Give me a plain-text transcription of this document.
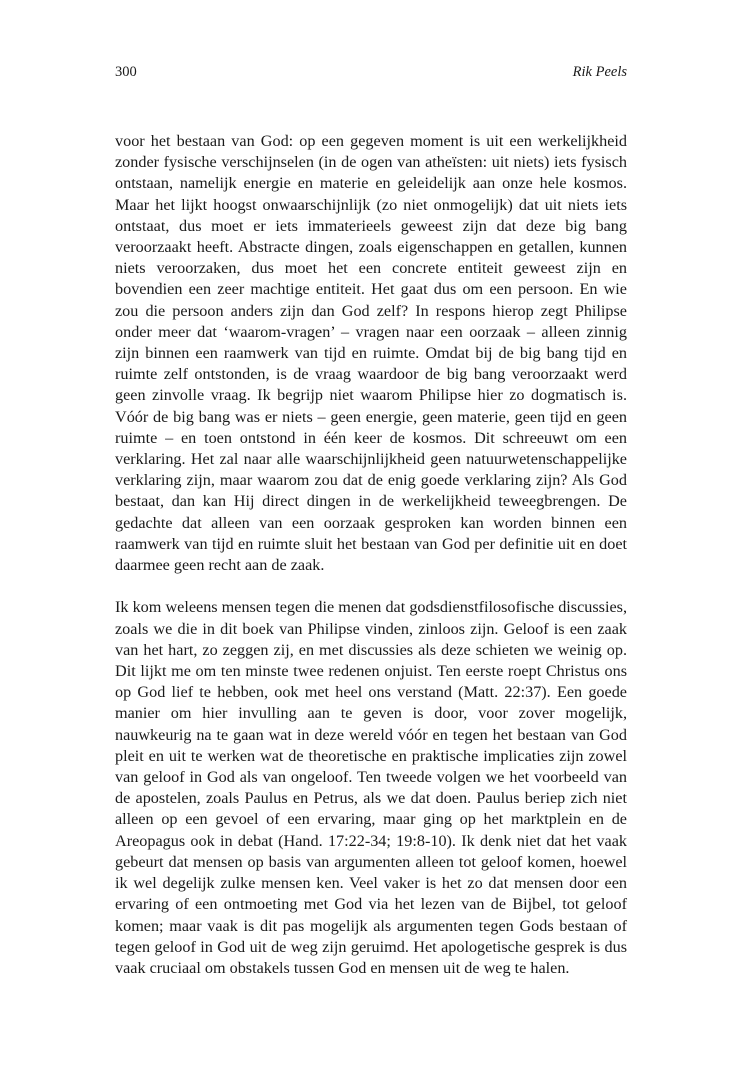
300	Rik Peels

voor het bestaan van God: op een gegeven moment is uit een werkelijkheid zonder fysische verschijnselen (in de ogen van atheïsten: uit niets) iets fysisch ontstaan, namelijk energie en materie en geleidelijk aan onze hele kosmos. Maar het lijkt hoogst onwaarschijnlijk (zo niet onmogelijk) dat uit niets iets ontstaat, dus moet er iets immaterieels geweest zijn dat deze big bang veroorzaakt heeft. Abstracte dingen, zoals eigenschappen en getallen, kunnen niets veroorzaken, dus moet het een concrete entiteit geweest zijn en bovendien een zeer machtige entiteit. Het gaat dus om een persoon. En wie zou die persoon anders zijn dan God zelf? In respons hierop zegt Philipse onder meer dat ‘waarom-vragen’ – vragen naar een oorzaak – alleen zinnig zijn binnen een raamwerk van tijd en ruimte. Omdat bij de big bang tijd en ruimte zelf ontstonden, is de vraag waardoor de big bang veroorzaakt werd geen zinvolle vraag. Ik begrijp niet waarom Philipse hier zo dogmatisch is. Vóór de big bang was er niets – geen energie, geen materie, geen tijd en geen ruimte – en toen ontstond in één keer de kosmos. Dit schreeuwt om een verklaring. Het zal naar alle waarschijnlijkheid geen natuurwetenschappelijke verklaring zijn, maar waarom zou dat de enig goede verklaring zijn? Als God bestaat, dan kan Hij direct dingen in de werkelijkheid teweegbrengen. De gedachte dat alleen van een oorzaak gesproken kan worden binnen een raamwerk van tijd en ruimte sluit het bestaan van God per definitie uit en doet daarmee geen recht aan de zaak.

Ik kom weleens mensen tegen die menen dat godsdienstfilosofische discussies, zoals we die in dit boek van Philipse vinden, zinloos zijn. Geloof is een zaak van het hart, zo zeggen zij, en met discussies als deze schieten we weinig op. Dit lijkt me om ten minste twee redenen onjuist. Ten eerste roept Christus ons op God lief te hebben, ook met heel ons verstand (Matt. 22:37). Een goede manier om hier invulling aan te geven is door, voor zover mogelijk, nauwkeurig na te gaan wat in deze wereld vóór en tegen het bestaan van God pleit en uit te werken wat de theoretische en praktische implicaties zijn zowel van geloof in God als van ongeloof. Ten tweede volgen we het voorbeeld van de apostelen, zoals Paulus en Petrus, als we dat doen. Paulus beriep zich niet alleen op een gevoel of een ervaring, maar ging op het marktplein en de Areopagus ook in debat (Hand. 17:22-34; 19:8-10). Ik denk niet dat het vaak gebeurt dat mensen op basis van argumenten alleen tot geloof komen, hoewel ik wel degelijk zulke mensen ken. Veel vaker is het zo dat mensen door een ervaring of een ontmoeting met God via het lezen van de Bijbel, tot geloof komen; maar vaak is dit pas mogelijk als argumenten tegen Gods bestaan of tegen geloof in God uit de weg zijn geruimd. Het apologetische gesprek is dus vaak cruciaal om obstakels tussen God en mensen uit de weg te halen.
